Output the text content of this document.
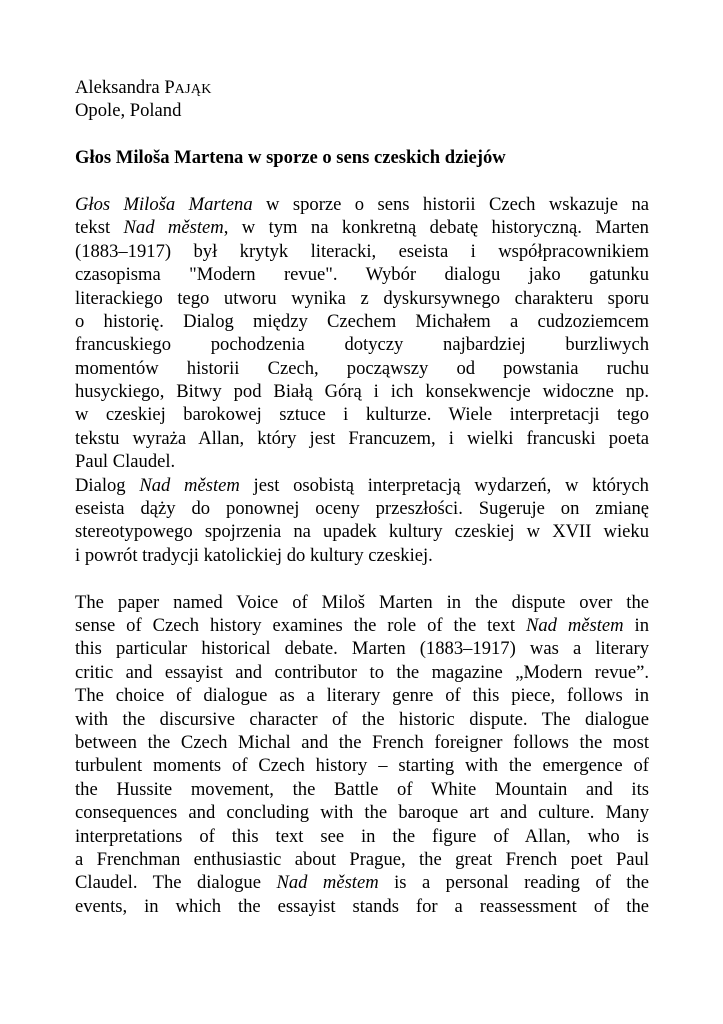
Aleksandra PAJĄK
Opole, Poland
Głos Miloša Martena w sporze o sens czeskich dziejów
Głos Miloša Martena w sporze o sens historii Czech wskazuje na
tekst Nad městem, w tym na konkretną debatę historyczną. Marten
(1883–1917) był krytyk literacki, eseista i współpracownikiem
czasopisma "Modern revue". Wybór dialogu jako gatunku
literackiego tego utworu wynika z dyskursywnego charakteru sporu
o historię. Dialog między Czechem Michałem a cudzoziemcem
francuskiego pochodzenia dotyczy najbardziej burzliwych
momentów historii Czech, począwszy od powstania ruchu
husyckiego, Bitwy pod Białą Górą i ich konsekwencje widoczne np.
w czeskiej barokowej sztuce i kulturze. Wiele interpretacji tego
tekstu wyraża Allan, który jest Francuzem, i wielki francuski poeta
Paul Claudel.
Dialog Nad městem jest osobistą interpretacją wydarzeń, w których
eseista dąży do ponownej oceny przeszłości. Sugeruje on zmianę
stereotypowego spojrzenia na upadek kultury czeskiej w XVII wieku
i powrót tradycji katolickiej do kultury czeskiej.
The paper named Voice of Miloš Marten in the dispute over the
sense of Czech history examines the role of the text Nad městem in
this particular historical debate. Marten (1883–1917) was a literary
critic and essayist and contributor to the magazine „Modern revue”.
The choice of dialogue as a literary genre of this piece, follows in
with the discursive character of the historic dispute. The dialogue
between the Czech Michal and the French foreigner follows the most
turbulent moments of Czech history – starting with the emergence of
the Hussite movement, the Battle of White Mountain and its
consequences and concluding with the baroque art and culture. Many
interpretations of this text see in the figure of Allan, who is
a Frenchman enthusiastic about Prague, the great French poet Paul
Claudel. The dialogue Nad městem is a personal reading of the
events, in which the essayist stands for a reassessment of the
